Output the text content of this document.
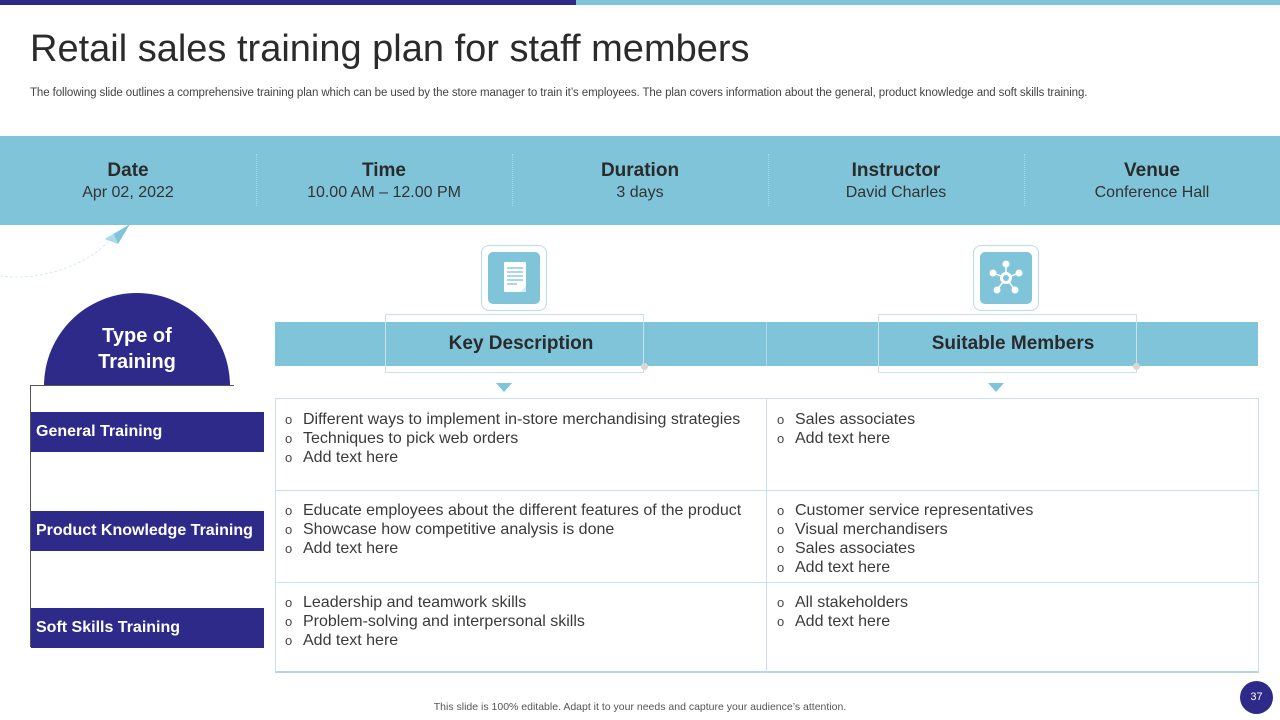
Retail sales training plan for staff members

The following slide outlines a comprehensive training plan which can be used by the store manager to train it’s employees. The plan covers information about the general, product knowledge and soft skills training.

Date
Apr 02, 2022
Time
10.00 AM – 12.00 PM
Duration
3 days
Instructor
David Charles
Venue
Conference Hall
Type of
Training
General Training
Product Knowledge Training
Soft Skills Training
Key Description	Suitable Members
o Different ways to implement in-store merchandising strategies
o Techniques to pick web orders
o Add text here
o Sales associates
o Add text here
o Educate employees about the different features of the product
o Showcase how competitive analysis is done
o Add text here
o Customer service representatives
o Visual merchandisers
o Sales associates
o Add text here
o Leadership and teamwork skills
o Problem-solving and interpersonal skills
o Add text here
o All stakeholders
o Add text here
This slide is 100% editable. Adapt it to your needs and capture your audience’s attention.
37
